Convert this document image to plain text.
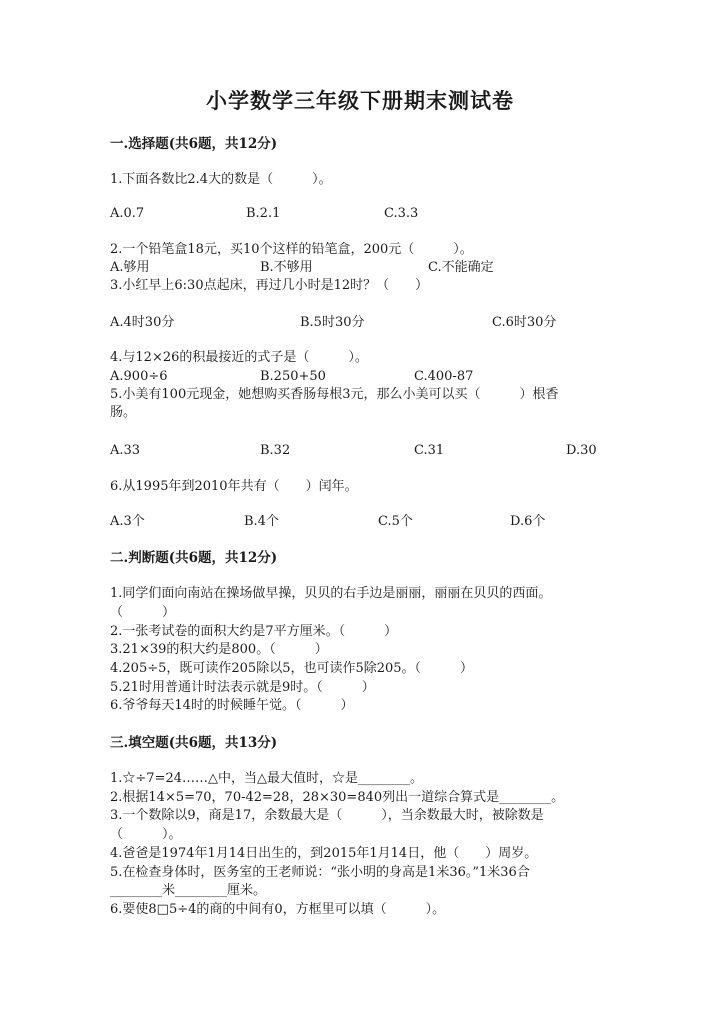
小学数学三年级下册期末测试卷
一.选择题(共6题，共12分)
1.下面各数比2.4大的数是（　　　）。
A.0.7	B.2.1	C.3.3
2.一个铅笔盒18元，买10个这样的铅笔盒，200元（　　　）。
A.够用	B.不够用	C.不能确定
3.小红早上6:30点起床，再过几小时是12时？（　　）
A.4时30分	B.5时30分	C.6时30分
4.与12×26的积最接近的式子是（　　　）。
A.900÷6	B.250+50	C.400-87
5.小美有100元现金，她想购买香肠每根3元，那么小美可以买（　　　）根香
肠。
A.33	B.32	C.31	D.30
6.从1995年到2010年共有（　　）闰年。
A.3个	B.4个	C.5个	D.6个
二.判断题(共6题，共12分)
1.同学们面向南站在操场做早操，贝贝的右手边是丽丽，丽丽在贝贝的西面。
（　　　）
2.一张考试卷的面积大约是7平方厘米。（　　　）
3.21×39的积大约是800。（　　　）
4.205÷5，既可读作205除以5，也可读作5除205。（　　　）
5.21时用普通计时法表示就是9时。（　　　）
6.爷爷每天14时的时候睡午觉。（　　　）
三.填空题(共6题，共13分)
1.☆÷7=24……△中，当△最大值时，☆是________。
2.根据14×5=70，70-42=28，28×30=840列出一道综合算式是________。
3.一个数除以9，商是17，余数最大是（　　　），当余数最大时，被除数是
（　　　）。
4.爸爸是1974年1月14日出生的，到2015年1月14日，他（　　）周岁。
5.在检查身体时，医务室的王老师说：“张小明的身高是1米36。”1米36合
________米________厘米。
6.要使8□5÷4的商的中间有0，方框里可以填（　　　）。
